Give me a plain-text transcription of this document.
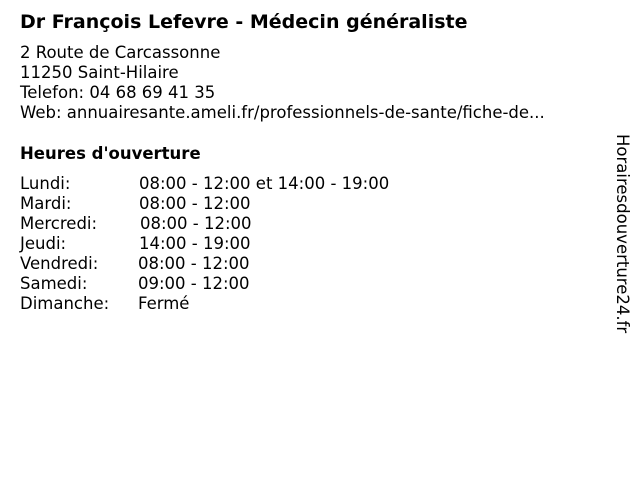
Dr François Lefevre - Médecin généraliste
2 Route de Carcassonne
11250 Saint-Hilaire
Telefon: 04 68 69 41 35
Web: annuairesante.ameli.fr/professionnels-de-sante/fiche-de...
Heures d'ouverture
Lundi:	08:00 - 12:00 et 14:00 - 19:00
Mardi:	08:00 - 12:00
Mercredi:	08:00 - 12:00
Jeudi:	14:00 - 19:00
Vendredi: 08:00 - 12:00
Samedi:	09:00 - 12:00
Dimanche: Fermé	Horairesdouverture24.fr
